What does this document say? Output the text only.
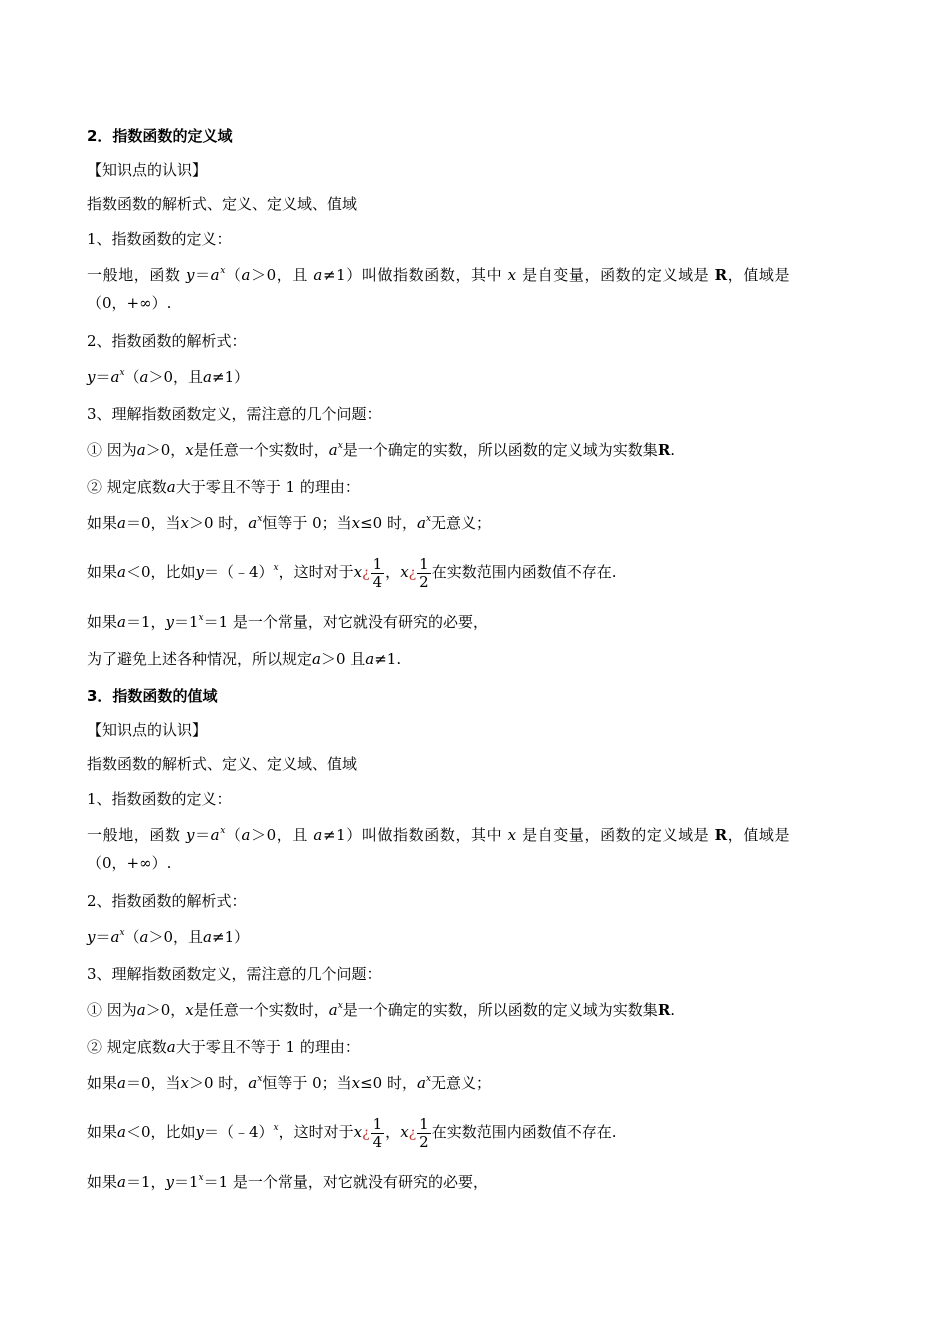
2．指数函数的定义域
【知识点的认识】
指数函数的解析式、定义、定义域、值域
1、指数函数的定义：
一般地，函数 $y=a^x(a>0$，且 a≠1）叫做指数函数，其中 x 是自变量，函数的定义域是 R，值域是
（0，+∞）.
2、指数函数的解析式：
$y=a^x(a>0$，且a≠1）
3、理解指数函数定义，需注意的几个问题：
① 因为a＞0，x是任意一个实数时，$a^x$是一个确定的实数，所以函数的定义域为实数集R.
② 规定底数a大于零且不等于 1 的理由：
如果a＝0，当x＞0 时，$a^x$恒等于 0；当x≤0 时，$a^x$无意义；
如果a＜0，比如y＝（﹣4）$^x$，这时对于x¿ $\frac{1}{4}$ ，x¿ $\frac{1}{2}$ 在实数范围内函数值不存在.
如果a＝1，$y=1^x=1$ 是一个常量，对它就没有研究的必要，
为了避免上述各种情况，所以规定a＞0 且a≠1.
3．指数函数的值域
【知识点的认识】
指数函数的解析式、定义、定义域、值域
1、指数函数的定义：
一般地，函数 $y=a^x(a>0$，且 a≠1）叫做指数函数，其中 x 是自变量，函数的定义域是 R，值域是
（0，+∞）.
2、指数函数的解析式：
$y=a^x(a>0$，且a≠1）
3、理解指数函数定义，需注意的几个问题：
① 因为a＞0，x是任意一个实数时，$a^x$是一个确定的实数，所以函数的定义域为实数集R.
② 规定底数a大于零且不等于 1 的理由：
如果a＝0，当x＞0 时，$a^x$恒等于 0；当x≤0 时，$a^x$无意义；
如果a＜0，比如y＝（﹣4）$^x$，这时对于x¿ $\frac{1}{4}$ ，x¿ $\frac{1}{2}$ 在实数范围内函数值不存在.
如果a＝1，$y=1^x=1$ 是一个常量，对它就没有研究的必要，
